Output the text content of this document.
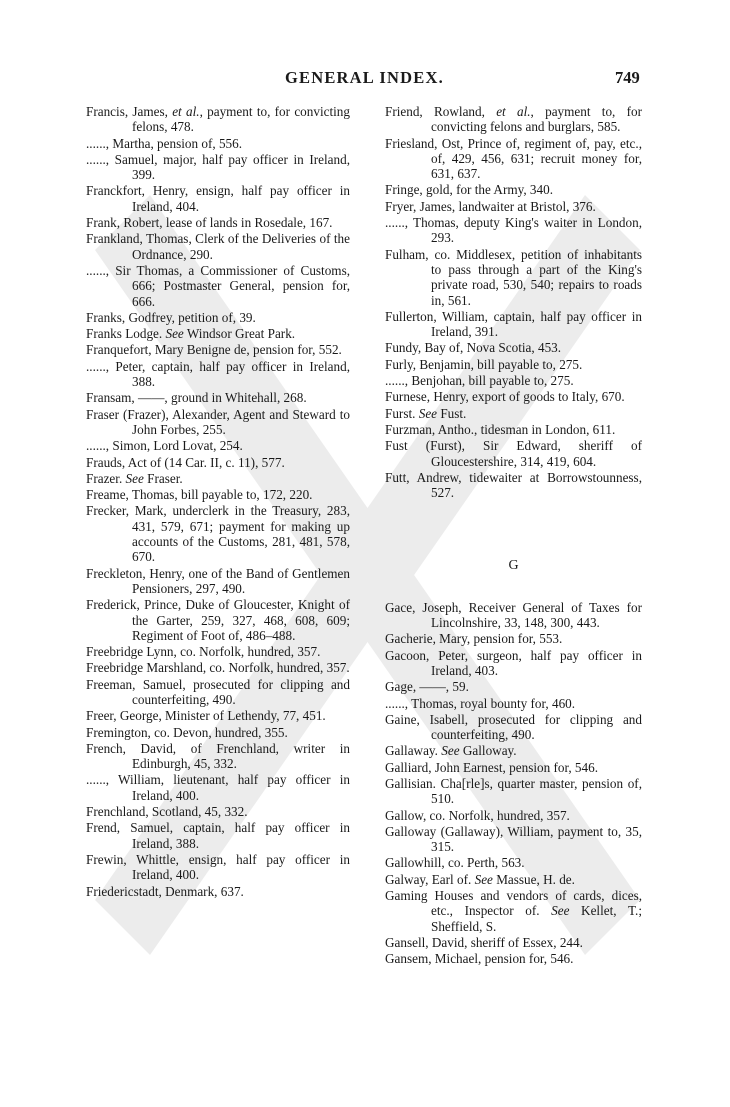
GENERAL INDEX.	749
Francis, James, et al., payment to, for convicting felons, 478.
......, Martha, pension of, 556.
......, Samuel, major, half pay officer in Ireland, 399.
Franckfort, Henry, ensign, half pay officer in Ireland, 404.
Frank, Robert, lease of lands in Rosedale, 167.
Frankland, Thomas, Clerk of the Deliveries of the Ordnance, 290.
......, Sir Thomas, a Commissioner of Customs, 666; Postmaster General, pension for, 666.
Franks, Godfrey, petition of, 39.
Franks Lodge. See Windsor Great Park.
Franquefort, Mary Benigne de, pension for, 552.
......, Peter, captain, half pay officer in Ireland, 388.
Fransam, ——, ground in Whitehall, 268.
Fraser (Frazer), Alexander, Agent and Steward to John Forbes, 255.
......, Simon, Lord Lovat, 254.
Frauds, Act of (14 Car. II, c. 11), 577.
Frazer. See Fraser.
Freame, Thomas, bill payable to, 172, 220.
Frecker, Mark, underclerk in the Treasury, 283, 431, 579, 671; payment for making up accounts of the Customs, 281, 481, 578, 670.
Freckleton, Henry, one of the Band of Gentlemen Pensioners, 297, 490.
Frederick, Prince, Duke of Gloucester, Knight of the Garter, 259, 327, 468, 608, 609; Regiment of Foot of, 486–488.
Freebridge Lynn, co. Norfolk, hundred, 357.
Freebridge Marshland, co. Norfolk, hundred, 357.
Freeman, Samuel, prosecuted for clipping and counterfeiting, 490.
Freer, George, Minister of Lethendy, 77, 451.
Fremington, co. Devon, hundred, 355.
French, David, of Frenchland, writer in Edinburgh, 45, 332.
......, William, lieutenant, half pay officer in Ireland, 400.
Frenchland, Scotland, 45, 332.
Frend, Samuel, captain, half pay officer in Ireland, 388.
Frewin, Whittle, ensign, half pay officer in Ireland, 400.
Friedericstadt, Denmark, 637.
Friend, Rowland, et al., payment to, for convicting felons and burglars, 585.
Friesland, Ost, Prince of, regiment of, pay, etc., of, 429, 456, 631; recruit money for, 631, 637.
Fringe, gold, for the Army, 340.
Fryer, James, landwaiter at Bristol, 376.
......, Thomas, deputy King's waiter in London, 293.
Fulham, co. Middlesex, petition of inhabitants to pass through a part of the King's private road, 530, 540; repairs to roads in, 561.
Fullerton, William, captain, half pay officer in Ireland, 391.
Fundy, Bay of, Nova Scotia, 453.
Furly, Benjamin, bill payable to, 275.
......, Benjohan, bill payable to, 275.
Furnese, Henry, export of goods to Italy, 670.
Furst. See Fust.
Furzman, Antho., tidesman in London, 611.
Fust (Furst), Sir Edward, sheriff of Gloucestershire, 314, 419, 604.
Futt, Andrew, tidewaiter at Borrowstounness, 527.
G
Gace, Joseph, Receiver General of Taxes for Lincolnshire, 33, 148, 300, 443.
Gacherie, Mary, pension for, 553.
Gacoon, Peter, surgeon, half pay officer in Ireland, 403.
Gage, ——, 59.
......, Thomas, royal bounty for, 460.
Gaine, Isabell, prosecuted for clipping and counterfeiting, 490.
Gallaway. See Galloway.
Galliard, John Earnest, pension for, 546.
Gallisian. Cha[rle]s, quarter master, pension of, 510.
Gallow, co. Norfolk, hundred, 357.
Galloway (Gallaway), William, payment to, 35, 315.
Gallowhill, co. Perth, 563.
Galway, Earl of. See Massue, H. de.
Gaming Houses and vendors of cards, dices, etc., Inspector of. See Kellet, T.; Sheffield, S.
Gansell, David, sheriff of Essex, 244.
Gansem, Michael, pension for, 546.
